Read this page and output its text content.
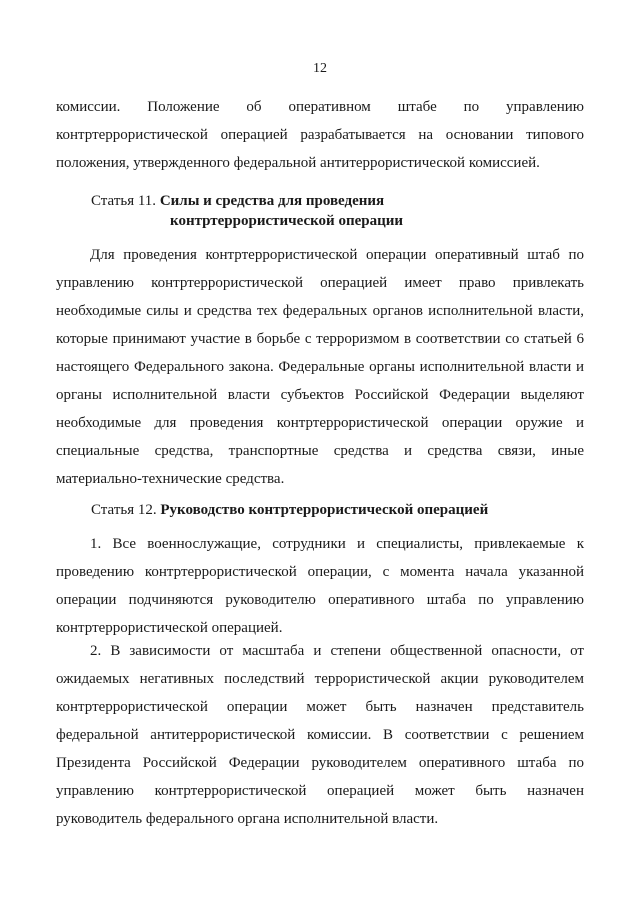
12
комиссии. Положение об оперативном штабе по управлению
контртеррористической операцией разрабатывается на основании типового
положения, утвержденного федеральной антитеррористической комиссией.
Статья 11. Силы и средства для проведения
контртеррористической операции
Для проведения контртеррористической операции оперативный штаб по
управлению контртеррористической операцией имеет право привлекать
необходимые силы и средства тех федеральных органов исполнительной власти,
которые принимают участие в борьбе с терроризмом в соответствии со статьей 6
настоящего Федерального закона. Федеральные органы исполнительной власти и
органы исполнительной власти субъектов Российской Федерации выделяют
необходимые для проведения контртеррористической операции оружие и
специальные средства, транспортные средства и средства связи, иные
материально-технические средства.
Статья 12. Руководство контртеррористической операцией
1. Все военнослужащие, сотрудники и специалисты, привлекаемые к
проведению контртеррористической операции, с момента начала указанной
операции подчиняются руководителю оперативного штаба по управлению
контртеррористической операцией.
2. В зависимости от масштаба и степени общественной опасности, от
ожидаемых негативных последствий террористической акции руководителем
контртеррористической операции может быть назначен представитель
федеральной антитеррористической комиссии. В соответствии с решением
Президента Российской Федерации руководителем оперативного штаба по
управлению контртеррористической операцией может быть назначен
руководитель федерального органа исполнительной власти.
